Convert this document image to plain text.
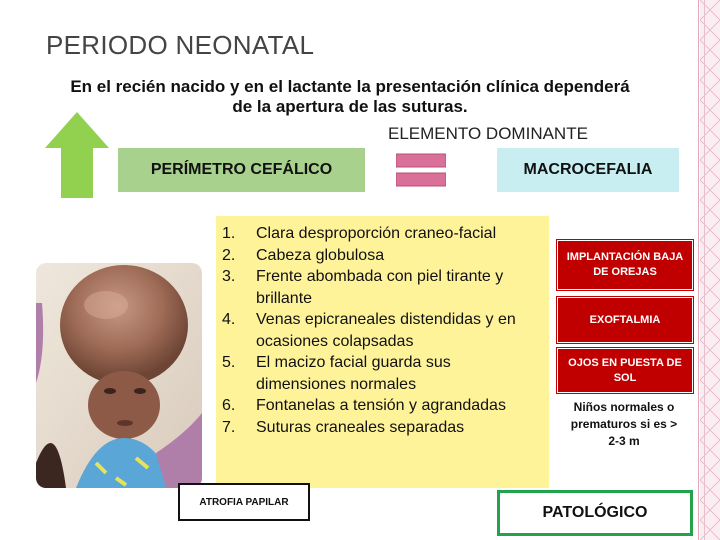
PERIODO NEONATAL
En el recién nacido y en el lactante la presentación clínica dependerá de la apertura de las suturas.
ELEMENTO DOMINANTE
PERÍMETRO CEFÁLICO	MACROCEFALIA
1.	Clara desproporción craneo-facial
2.	Cabeza globulosa
3.	Frente abombada con piel tirante y brillante
4.	Venas epicraneales distendidas y en ocasiones colapsadas
5.	El macizo facial guarda sus dimensiones normales
6.	Fontanelas a tensión y agrandadas
7.	Suturas craneales separadas
IMPLANTACIÓN BAJA DE OREJAS
EXOFTALMIA
OJOS EN PUESTA DE SOL
Niños normales o prematuros si es > 2-3 m
ATROFIA PAPILAR
PATOLÓGICO
